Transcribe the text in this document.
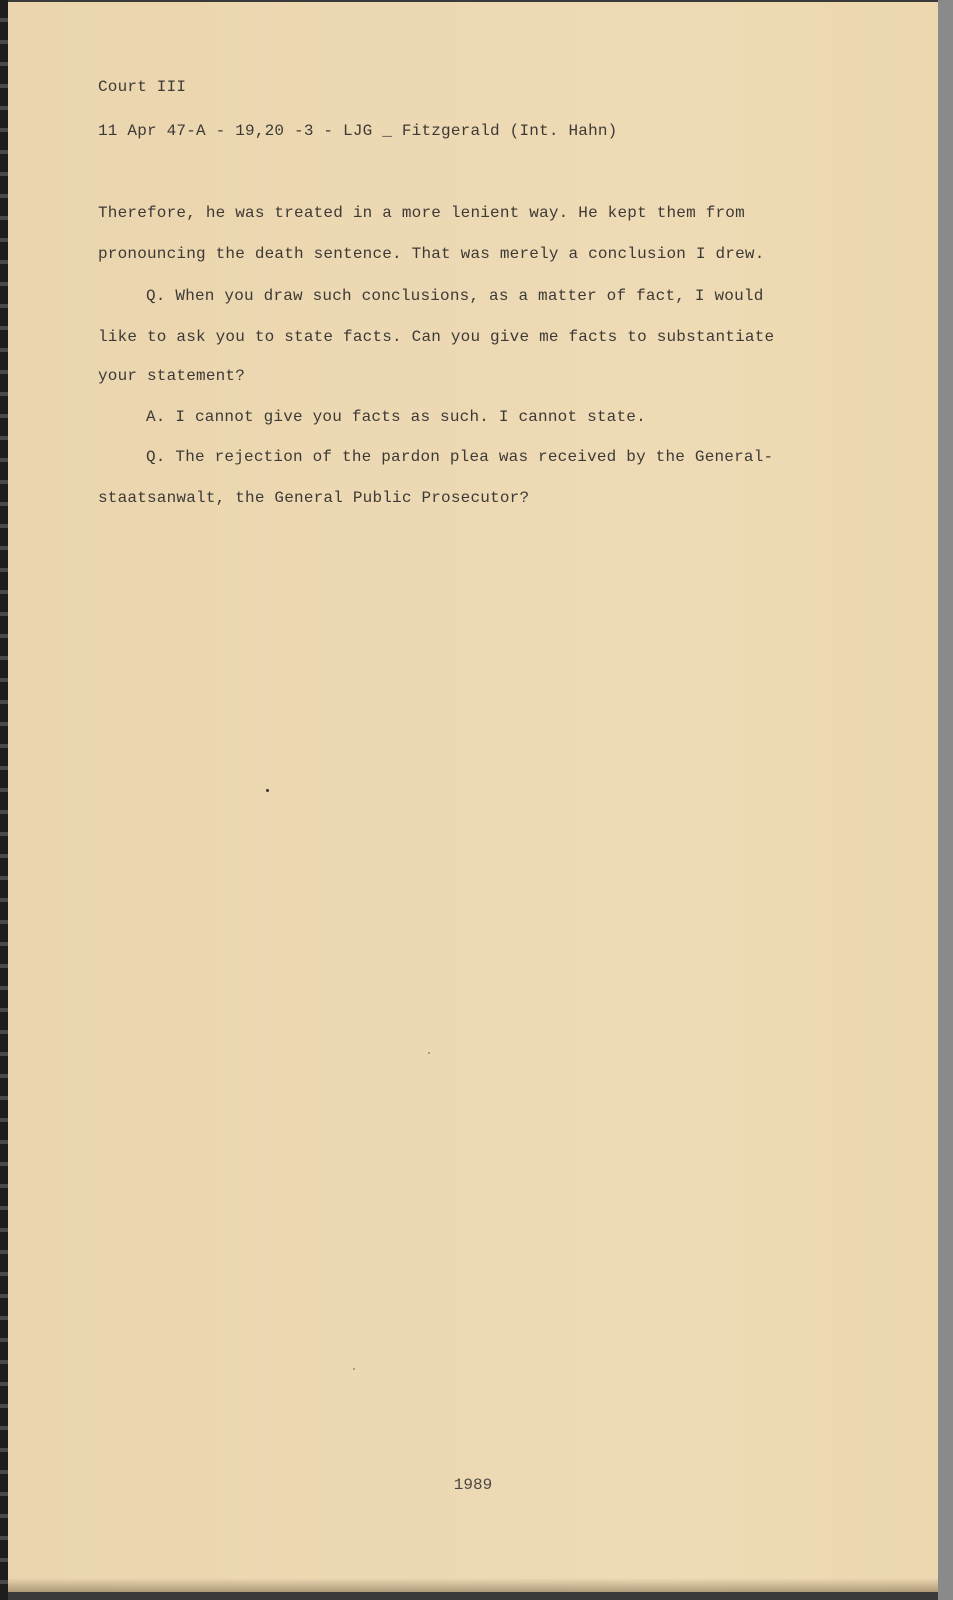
Court III
11 Apr 47-A - 19,20 -3 - LJG _ Fitzgerald (Int. Hahn)
Therefore, he was treated in a more lenient way. He kept them from
pronouncing the death sentence. That was merely a conclusion I drew.
Q. When you draw such conclusions, as a matter of fact, I would
like to ask you to state facts. Can you give me facts to substantiate
your statement?
A. I cannot give you facts as such. I cannot state.
Q. The rejection of the pardon plea was received by the General-
staatsanwalt, the General Public Prosecutor?
1989
